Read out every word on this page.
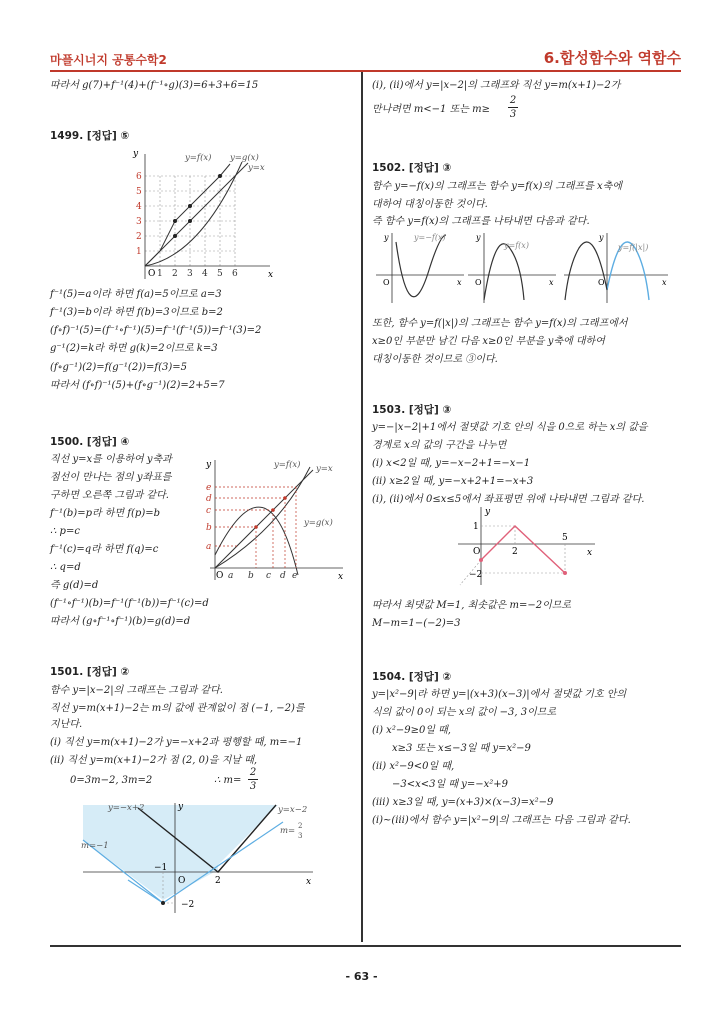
마플시너지 공통수학2	6.합성함수와 역함수
- 63 -
따라서 g(7)+f⁻¹(4)+(f⁻¹∘g)(3)=6+3+6=15
1499. [정답] ⑤
y
x
O 1 2 3 4 5 6
1
2
3
4
5
6
y=f(x) y=g(x)
y=x
f⁻¹(5)=a이라 하면 f(a)=5이므로 a=3
f⁻¹(3)=b이라 하면 f(b)=3이므로 b=2
(f∘f)⁻¹(5)=(f⁻¹∘f⁻¹)(5)=f⁻¹(f⁻¹(5))=f⁻¹(3)=2
g⁻¹(2)=k라 하면 g(k)=2이므로 k=3
(f∘g⁻¹)(2)=f(g⁻¹(2))=f(3)=5
따라서 (f∘f)⁻¹(5)+(f∘g⁻¹)(2)=2+5=7
1500. [정답] ④
직선 y=x를 이용하여 y축과
점선이 만나는 점의 y좌표를
구하면 오른쪽 그림과 같다.
f⁻¹(b)=p라 하면 f(p)=b
∴ p=c
f⁻¹(c)=q라 하면 f(q)=c
∴ q=d
즉 g(d)=d
(f⁻¹∘f⁻¹)(b)=f⁻¹(f⁻¹(b))=f⁻¹(c)=d
따라서 (g∘f⁻¹∘f⁻¹)(b)=g(d)=d
y
x
O a b c d e
e
d
c
b
a
y=f(x) y=x
y=g(x)
1501. [정답] ②
함수 y=|x−2|의 그래프는 그림과 같다.
직선 y=m(x+1)−2는 m의 값에 관계없이 점 (−1, −2)를
지난다.
(ⅰ) 직선 y=m(x+1)−2가 y=−x+2과 평행할 때, m=−1
(ⅱ) 직선 y=m(x+1)−2가 점 (2, 0)을 지날 때,
0=3m−2, 3m=2	∴ m=
2
3
y
x
O
−1
2
−2
y=−x+2	y=x−2
m=−1
m= 2
3
(ⅰ), (ⅱ)에서 y=|x−2|의 그래프와 직선 y=m(x+1)−2가
만나려면 m<−1 또는 m≥
2
3
1502. [정답] ③
함수 y=−f(x)의 그래프는 함수 y=f(x)의 그래프를 x축에
대하여 대칭이동한 것이다.
즉 함수 y=f(x)의 그래프를 나타내면 다음과 같다.
y
x
O
y=−f(x)	y
x
O
y=f(x)
y
x
O
y=f(|x|)
또한, 함수 y=f(|x|)의 그래프는 함수 y=f(x)의 그래프에서
x≥0인 부분만 남긴 다음 x≥0인 부분을 y축에 대하여
대칭이동한 것이므로 ③이다.
1503. [정답] ③
y=−|x−2|+1에서 절댓값 기호 안의 식을 0으로 하는 x의 값을
경계로 x의 값의 구간을 나누면
(ⅰ) x<2일 때, y=−x−2+1=−x−1
(ⅱ) x≥2일 때, y=−x+2+1=−x+3
(ⅰ), (ⅱ)에서 0≤x≤5에서 좌표평면 위에 나타내면 그림과 같다.
y
x
O
1
2
5
−2
따라서 최댓값 M=1, 최솟값은 m=−2이므로
M−m=1−(−2)=3
1504. [정답] ②
y=|x²−9|라 하면 y=|(x+3)(x−3)|에서 절댓값 기호 안의
식의 값이 0이 되는 x의 값이 −3, 3이므로
(ⅰ) x²−9≥0일 때,
x≥3 또는 x≤−3일 때 y=x²−9
(ⅱ) x²−9<0일 때,
−3<x<3일 때 y=−x²+9
(ⅲ) x≥3일 때, y=(x+3)×(x−3)=x²−9
(ⅰ)~(ⅲ)에서 함수 y=|x²−9|의 그래프는 다음 그림과 같다.
